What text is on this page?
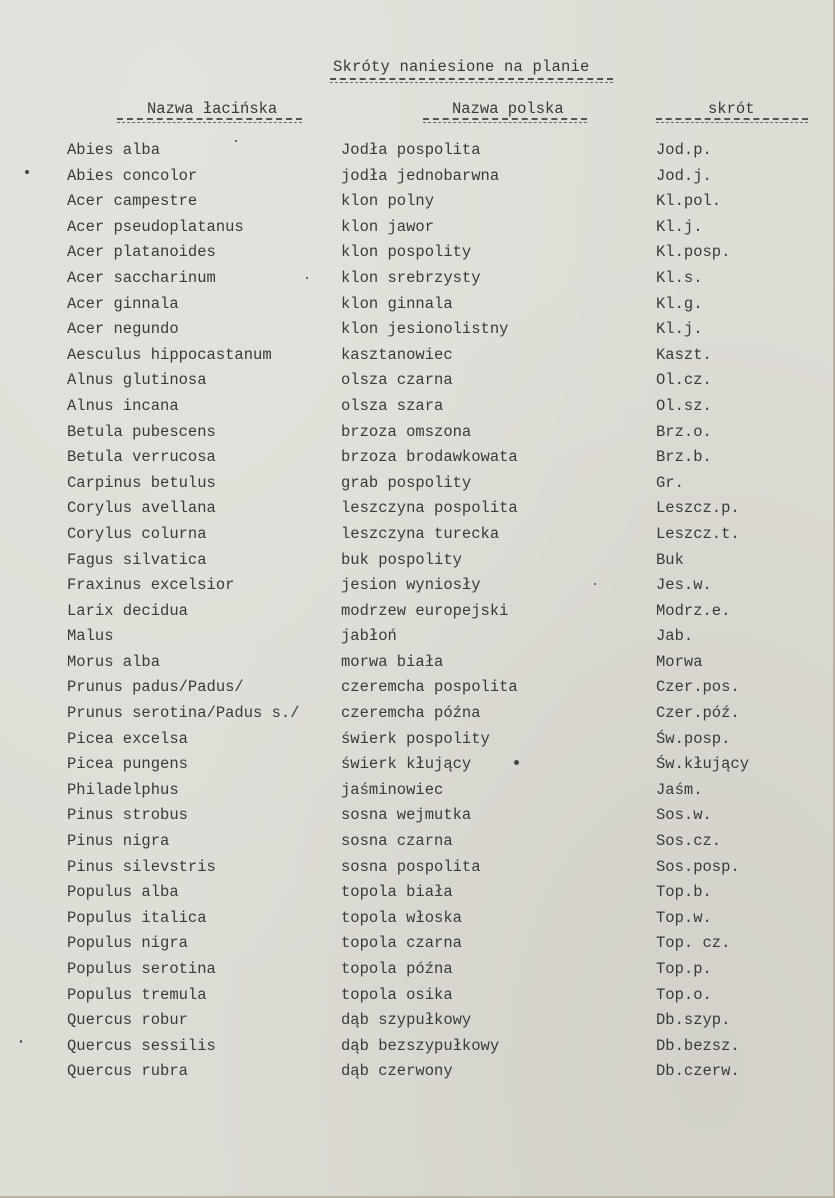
Skróty naniesione na planie
Nazwa łacińska	Nazwa polska	skrót
Abies alba	Jodła pospolita	Jod.p.
Abies concolor	jodła jednobarwna	Jod.j.
Acer campestre	klon polny	Kl.pol.
Acer pseudoplatanus	klon jawor	Kl.j.
Acer platanoides	klon pospolity	Kl.posp.
Acer saccharinum	klon srebrzysty	Kl.s.
Acer ginnala	klon ginnala	Kl.g.
Acer negundo	klon jesionolistny	Kl.j.
Aesculus hippocastanum	kasztanowiec	Kaszt.
Alnus glutinosa	olsza czarna	Ol.cz.
Alnus incana	olsza szara	Ol.sz.
Betula pubescens	brzoza omszona	Brz.o.
Betula verrucosa	brzoza brodawkowata	Brz.b.
Carpinus betulus	grab pospolity	Gr.
Corylus avellana	leszczyna pospolita	Leszcz.p.
Corylus colurna	leszczyna turecka	Leszcz.t.
Fagus silvatica	buk pospolity	Buk
Fraxinus excelsior	jesion wyniosły	Jes.w.
Larix decidua	modrzew europejski	Modrz.e.
Malus	jabłoń	Jab.
Morus alba	morwa biała	Morwa
Prunus padus/Padus/	czeremcha pospolita	Czer.pos.
Prunus serotina/Padus s./	czeremcha późna	Czer.póź.
Picea excelsa	świerk pospolity	Św.posp.
Picea pungens	świerk kłujący	Św.kłujący
Philadelphus	jaśminowiec	Jaśm.
Pinus strobus	sosna wejmutka	Sos.w.
Pinus nigra	sosna czarna	Sos.cz.
Pinus silevstris	sosna pospolita	Sos.posp.
Populus alba	topola biała	Top.b.
Populus italica	topola włoska	Top.w.
Populus nigra	topola czarna	Top. cz.
Populus serotina	topola późna	Top.p.
Populus tremula	topola osika	Top.o.
Quercus robur	dąb szypułkowy	Db.szyp.
Quercus sessilis	dąb bezszypułkowy	Db.bezsz.
Quercus rubra	dąb czerwony	Db.czerw.
